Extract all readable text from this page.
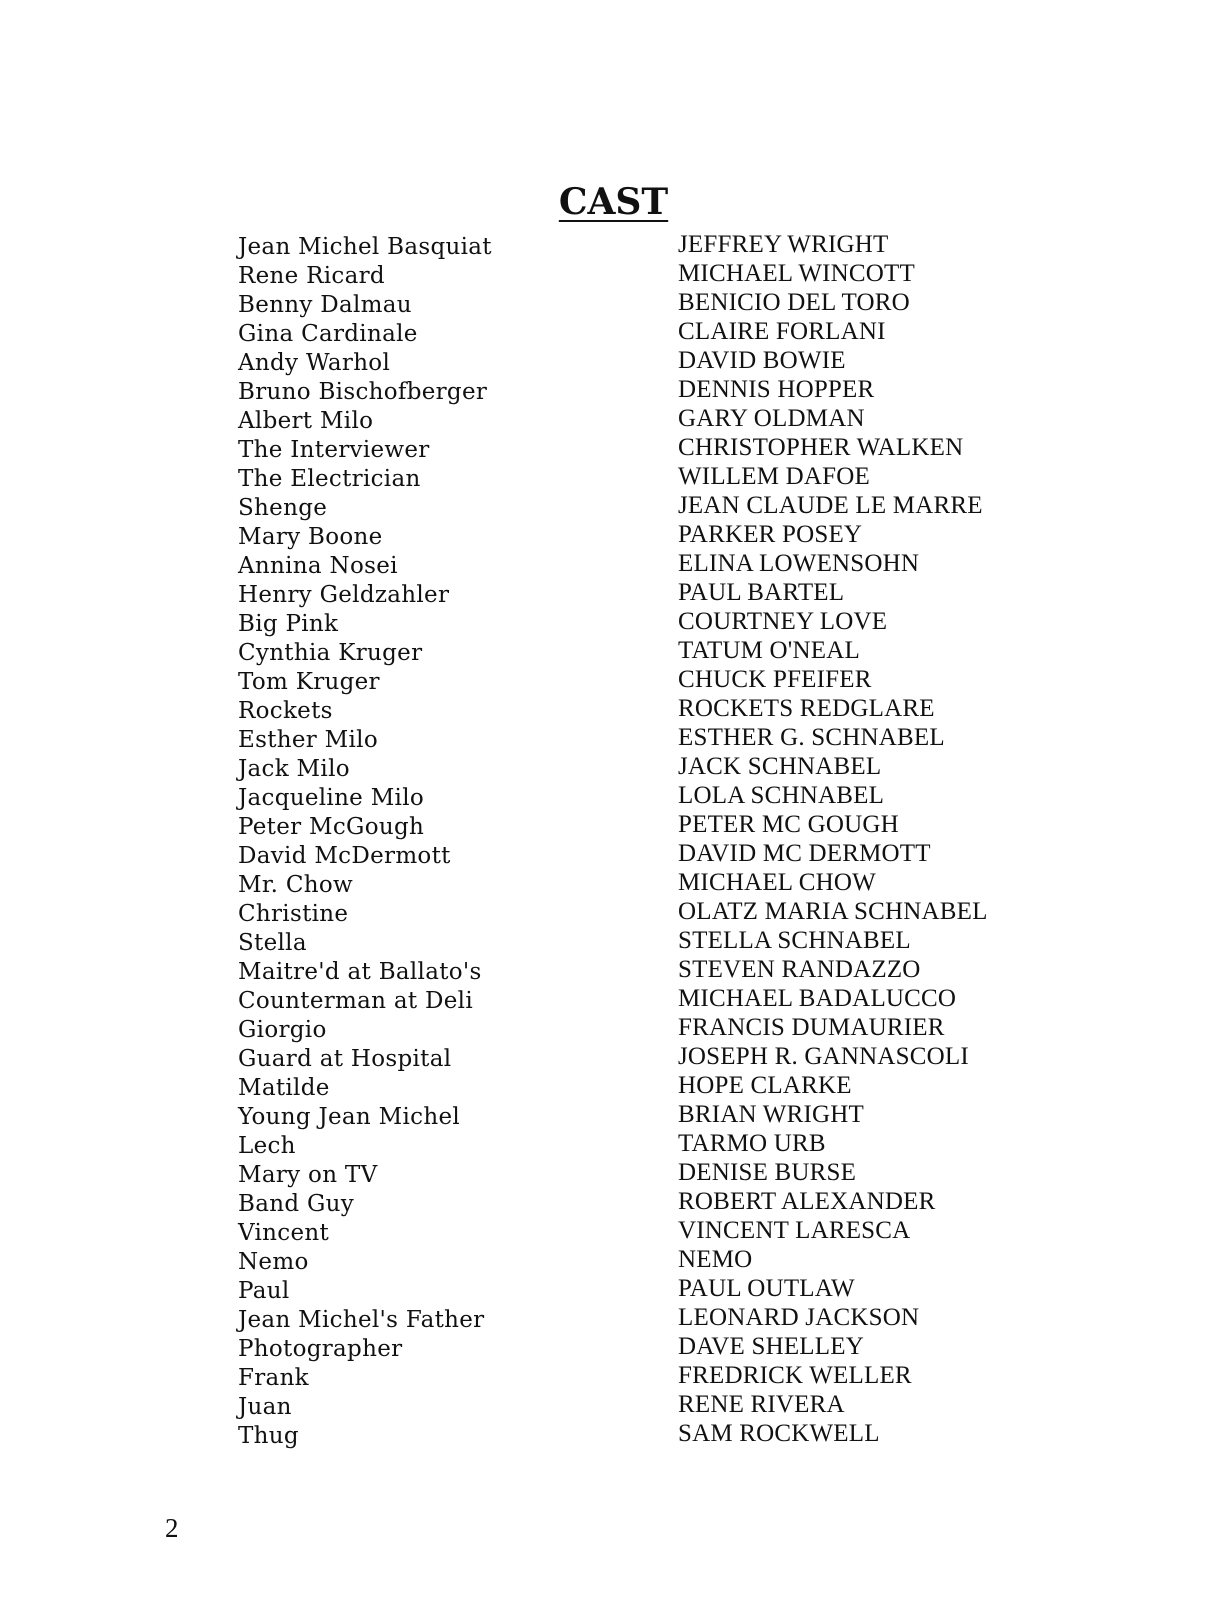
CAST
Jean Michel Basquiat
Rene Ricard
Benny Dalmau
Gina Cardinale
Andy Warhol
Bruno Bischofberger
Albert Milo
The Interviewer
The Electrician
Shenge
Mary Boone
Annina Nosei
Henry Geldzahler
Big Pink
Cynthia Kruger
Tom Kruger
Rockets
Esther Milo
Jack Milo
Jacqueline Milo
Peter McGough
David McDermott
Mr. Chow
Christine
Stella
Maitre'd at Ballato's
Counterman at Deli
Giorgio
Guard at Hospital
Matilde
Young Jean Michel
Lech
Mary on TV
Band Guy
Vincent
Nemo
Paul
Jean Michel's Father
Photographer
Frank
Juan
Thug
JEFFREY WRIGHT
MICHAEL WINCOTT
BENICIO DEL TORO
CLAIRE FORLANI
DAVID BOWIE
DENNIS HOPPER
GARY OLDMAN
CHRISTOPHER WALKEN
WILLEM DAFOE
JEAN CLAUDE LE MARRE
PARKER POSEY
ELINA LOWENSOHN
PAUL BARTEL
COURTNEY LOVE
TATUM O'NEAL
CHUCK PFEIFER
ROCKETS REDGLARE
ESTHER G. SCHNABEL
JACK SCHNABEL
LOLA SCHNABEL
PETER MC GOUGH
DAVID MC DERMOTT
MICHAEL CHOW
OLATZ MARIA SCHNABEL
STELLA SCHNABEL
STEVEN RANDAZZO
MICHAEL BADALUCCO
FRANCIS DUMAURIER
JOSEPH R. GANNASCOLI
HOPE CLARKE
BRIAN WRIGHT
TARMO URB
DENISE BURSE
ROBERT ALEXANDER
VINCENT LARESCA
NEMO
PAUL OUTLAW
LEONARD JACKSON
DAVE SHELLEY
FREDRICK WELLER
RENE RIVERA
SAM ROCKWELL
2
